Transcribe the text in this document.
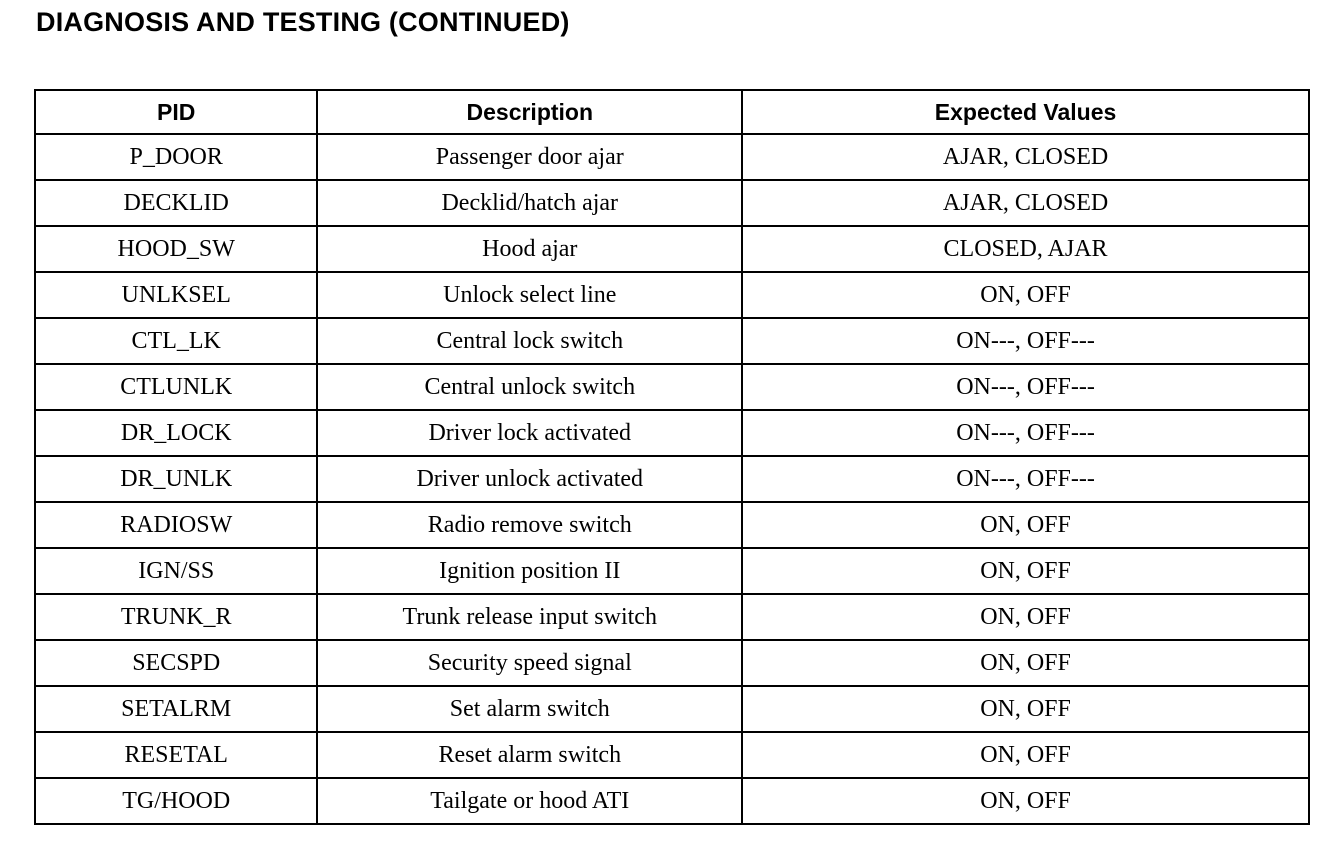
DIAGNOSIS AND TESTING (CONTINUED)
PID	Description	Expected Values
P_DOOR	Passenger door ajar	AJAR, CLOSED
DECKLID	Decklid/hatch ajar	AJAR, CLOSED
HOOD_SW	Hood ajar	CLOSED, AJAR
UNLKSEL	Unlock select line	ON, OFF
CTL_LK	Central lock switch	ON---, OFF---
CTLUNLK	Central unlock switch	ON---, OFF---
DR_LOCK	Driver lock activated	ON---, OFF---
DR_UNLK	Driver unlock activated	ON---, OFF---
RADIOSW	Radio remove switch	ON, OFF
IGN/SS	Ignition position II	ON, OFF
TRUNK_R	Trunk release input switch	ON, OFF
SECSPD	Security speed signal	ON, OFF
SETALRM	Set alarm switch	ON, OFF
RESETAL	Reset alarm switch	ON, OFF
TG/HOOD	Tailgate or hood ATI	ON, OFF
